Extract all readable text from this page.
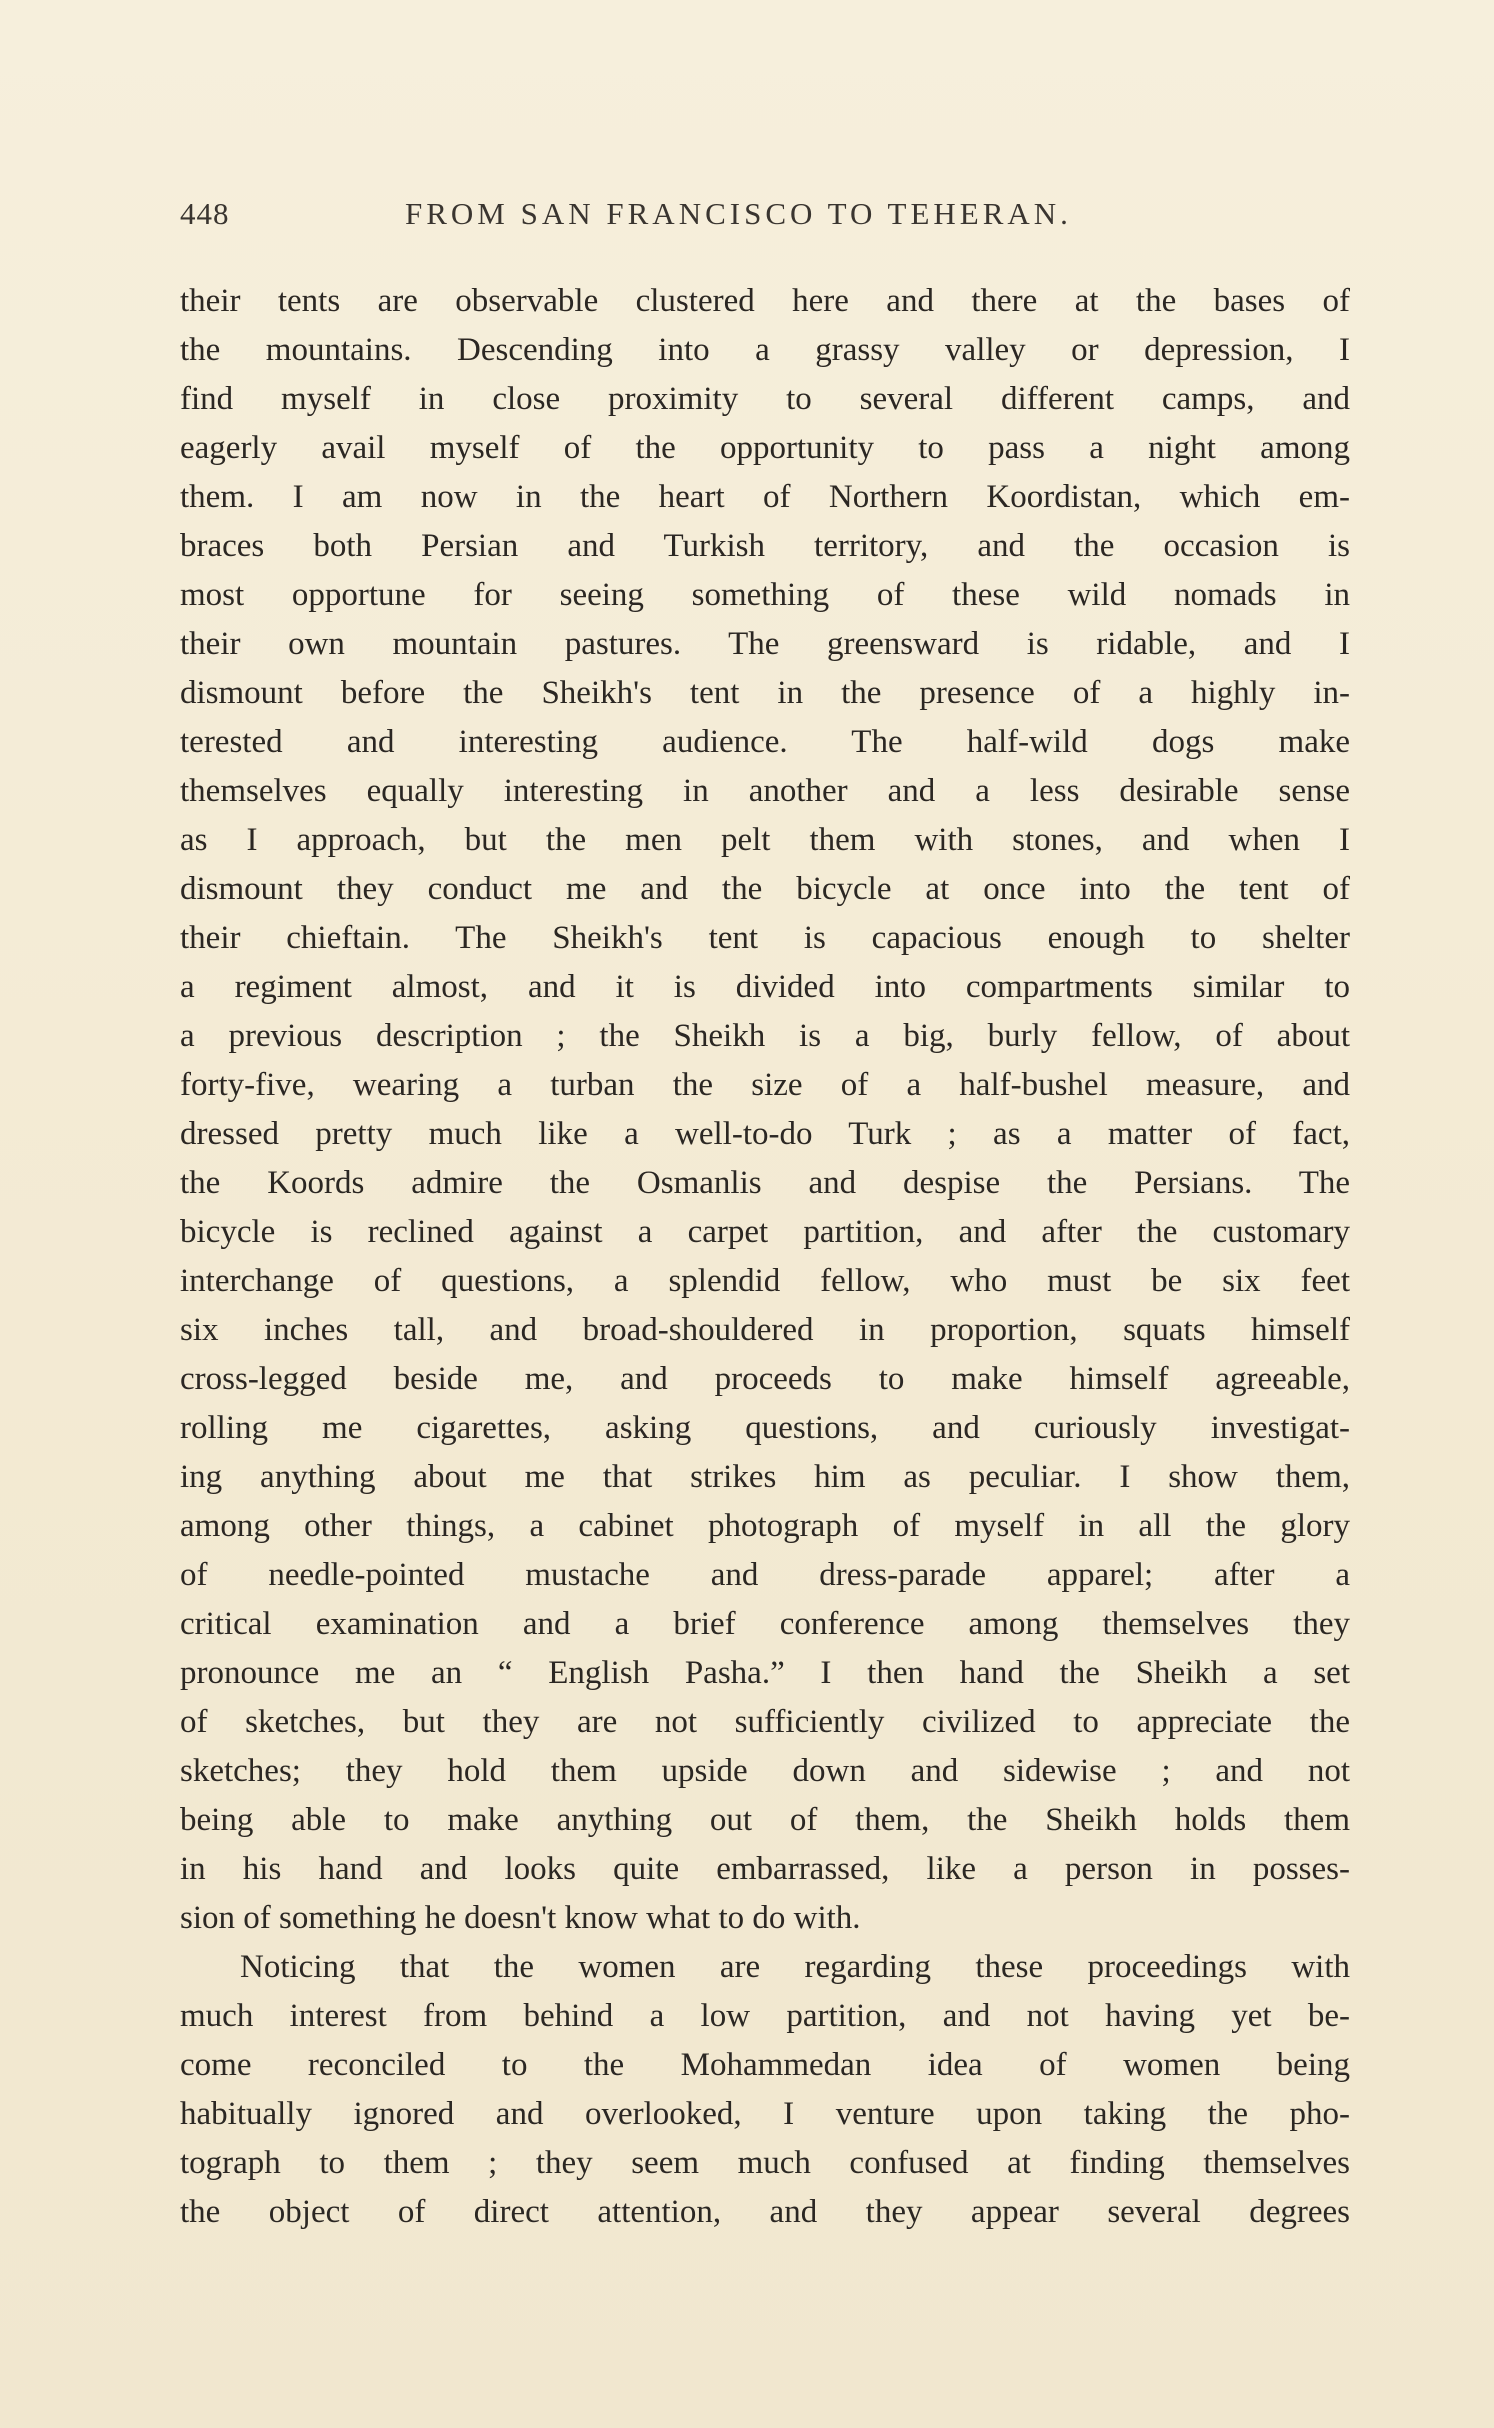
448	FROM SAN FRANCISCO TO TEHERAN.
their tents are observable clustered here and there at the bases of
the mountains. Descending into a grassy valley or depression, I
find myself in close proximity to several different camps, and
eagerly avail myself of the opportunity to pass a night among
them. I am now in the heart of Northern Koordistan, which em-
braces both Persian and Turkish territory, and the occasion is
most opportune for seeing something of these wild nomads in
their own mountain pastures. The greensward is ridable, and I
dismount before the Sheikh's tent in the presence of a highly in-
terested and interesting audience. The half-wild dogs make
themselves equally interesting in another and a less desirable sense
as I approach, but the men pelt them with stones, and when I
dismount they conduct me and the bicycle at once into the tent of
their chieftain. The Sheikh's tent is capacious enough to shelter
a regiment almost, and it is divided into compartments similar to
a previous description ; the Sheikh is a big, burly fellow, of about
forty-five, wearing a turban the size of a half-bushel measure, and
dressed pretty much like a well-to-do Turk ; as a matter of fact,
the Koords admire the Osmanlis and despise the Persians. The
bicycle is reclined against a carpet partition, and after the customary
interchange of questions, a splendid fellow, who must be six feet
six inches tall, and broad-shouldered in proportion, squats himself
cross-legged beside me, and proceeds to make himself agreeable,
rolling me cigarettes, asking questions, and curiously investigat-
ing anything about me that strikes him as peculiar. I show them,
among other things, a cabinet photograph of myself in all the glory
of needle-pointed mustache and dress-parade apparel; after a
critical examination and a brief conference among themselves they
pronounce me an “ English Pasha.” I then hand the Sheikh a set
of sketches, but they are not sufficiently civilized to appreciate the
sketches; they hold them upside down and sidewise ; and not
being able to make anything out of them, the Sheikh holds them
in his hand and looks quite embarrassed, like a person in posses-
sion of something he doesn't know what to do with.
Noticing that the women are regarding these proceedings with
much interest from behind a low partition, and not having yet be-
come reconciled to the Mohammedan idea of women being
habitually ignored and overlooked, I venture upon taking the pho-
tograph to them ; they seem much confused at finding themselves
the object of direct attention, and they appear several degrees
